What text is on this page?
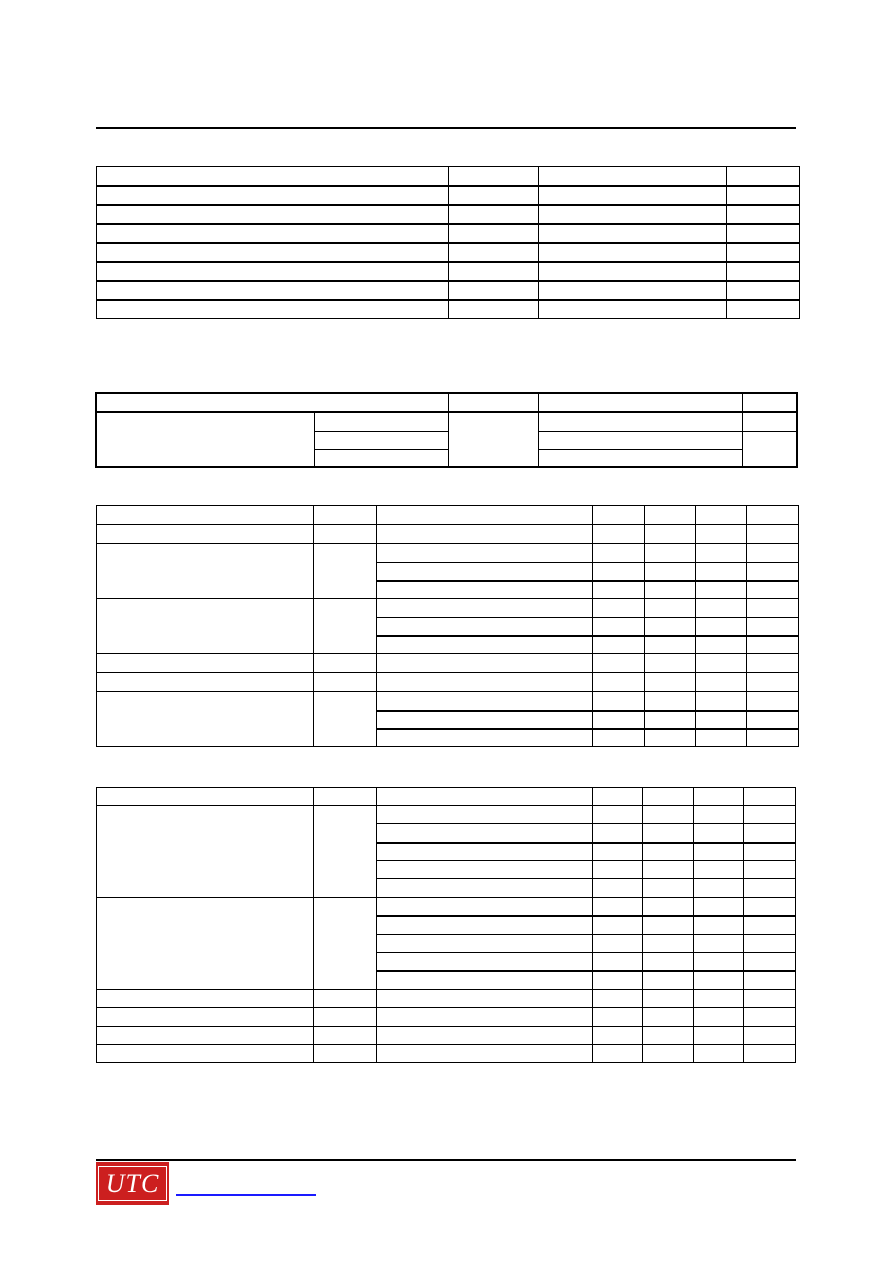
UTC
